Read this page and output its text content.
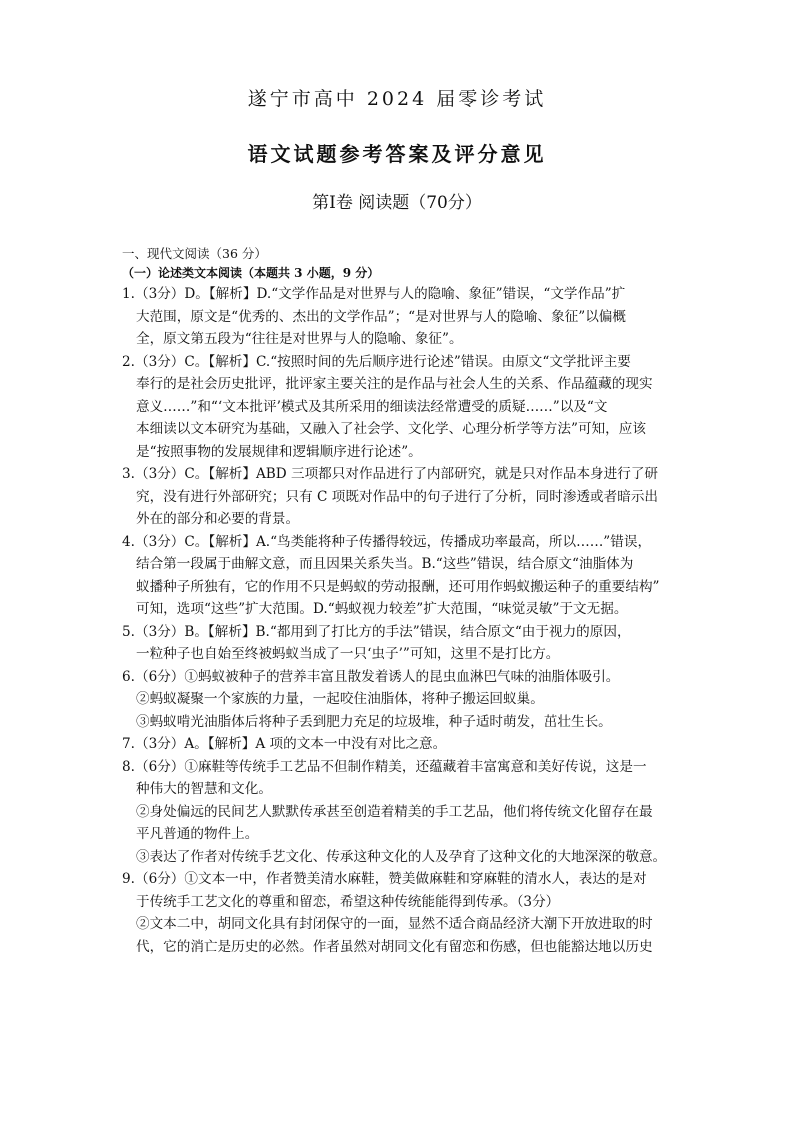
遂宁市高中 2024 届零诊考试
语文试题参考答案及评分意见
第Ⅰ卷 阅读题（70分）
一、现代文阅读（36 分）
（一）论述类文本阅读（本题共 3 小题，9 分）
1.（3分）D。【解析】D.“文学作品是对世界与人的隐喻、象征”错误，“文学作品”扩
大范围，原文是“优秀的、杰出的文学作品”；“是对世界与人的隐喻、象征”以偏概
全，原文第五段为“往往是对世界与人的隐喻、象征”。
2.（3分）C。【解析】C.“按照时间的先后顺序进行论述”错误。由原文“文学批评主要
奉行的是社会历史批评，批评家主要关注的是作品与社会人生的关系、作品蕴藏的现实
意义……”和“‘文本批评’模式及其所采用的细读法经常遭受的质疑……”以及“文
本细读以文本研究为基础，又融入了社会学、文化学、心理分析学等方法”可知，应该
是“按照事物的发展规律和逻辑顺序进行论述”。
3.（3分）C。【解析】ABD 三项都只对作品进行了内部研究，就是只对作品本身进行了研
究，没有进行外部研究；只有 C 项既对作品中的句子进行了分析，同时渗透或者暗示出
外在的部分和必要的背景。
4.（3分）C。【解析】A.“鸟类能将种子传播得较远，传播成功率最高，所以……”错误，
结合第一段属于曲解文意，而且因果关系失当。B.“这些”错误，结合原文“油脂体为
蚁播种子所独有，它的作用不只是蚂蚁的劳动报酬，还可用作蚂蚁搬运种子的重要结构”
可知，选项“这些”扩大范围。D.“蚂蚁视力较差”扩大范围，“味觉灵敏”于文无据。
5.（3分）B。【解析】B.“都用到了打比方的手法”错误，结合原文“由于视力的原因，
一粒种子也自始至终被蚂蚁当成了一只‘虫子’”可知，这里不是打比方。
6.（6分）①蚂蚁被种子的营养丰富且散发着诱人的昆虫血淋巴气味的油脂体吸引。
②蚂蚁凝聚一个家族的力量，一起咬住油脂体，将种子搬运回蚁巢。
③蚂蚁啃光油脂体后将种子丢到肥力充足的垃圾堆，种子适时萌发，茁壮生长。
7.（3分）A。【解析】A 项的文本一中没有对比之意。
8.（6分）①麻鞋等传统手工艺品不但制作精美，还蕴藏着丰富寓意和美好传说，这是一
种伟大的智慧和文化。
②身处偏远的民间艺人默默传承甚至创造着精美的手工艺品，他们将传统文化留存在最
平凡普通的物件上。
③表达了作者对传统手艺文化、传承这种文化的人及孕育了这种文化的大地深深的敬意。
9.（6分）①文本一中，作者赞美清水麻鞋，赞美做麻鞋和穿麻鞋的清水人，表达的是对
于传统手工艺文化的尊重和留恋，希望这种传统能能得到传承。（3分）
②文本二中，胡同文化具有封闭保守的一面，显然不适合商品经济大潮下开放进取的时
代，它的消亡是历史的必然。作者虽然对胡同文化有留恋和伤感，但也能豁达地以历史
